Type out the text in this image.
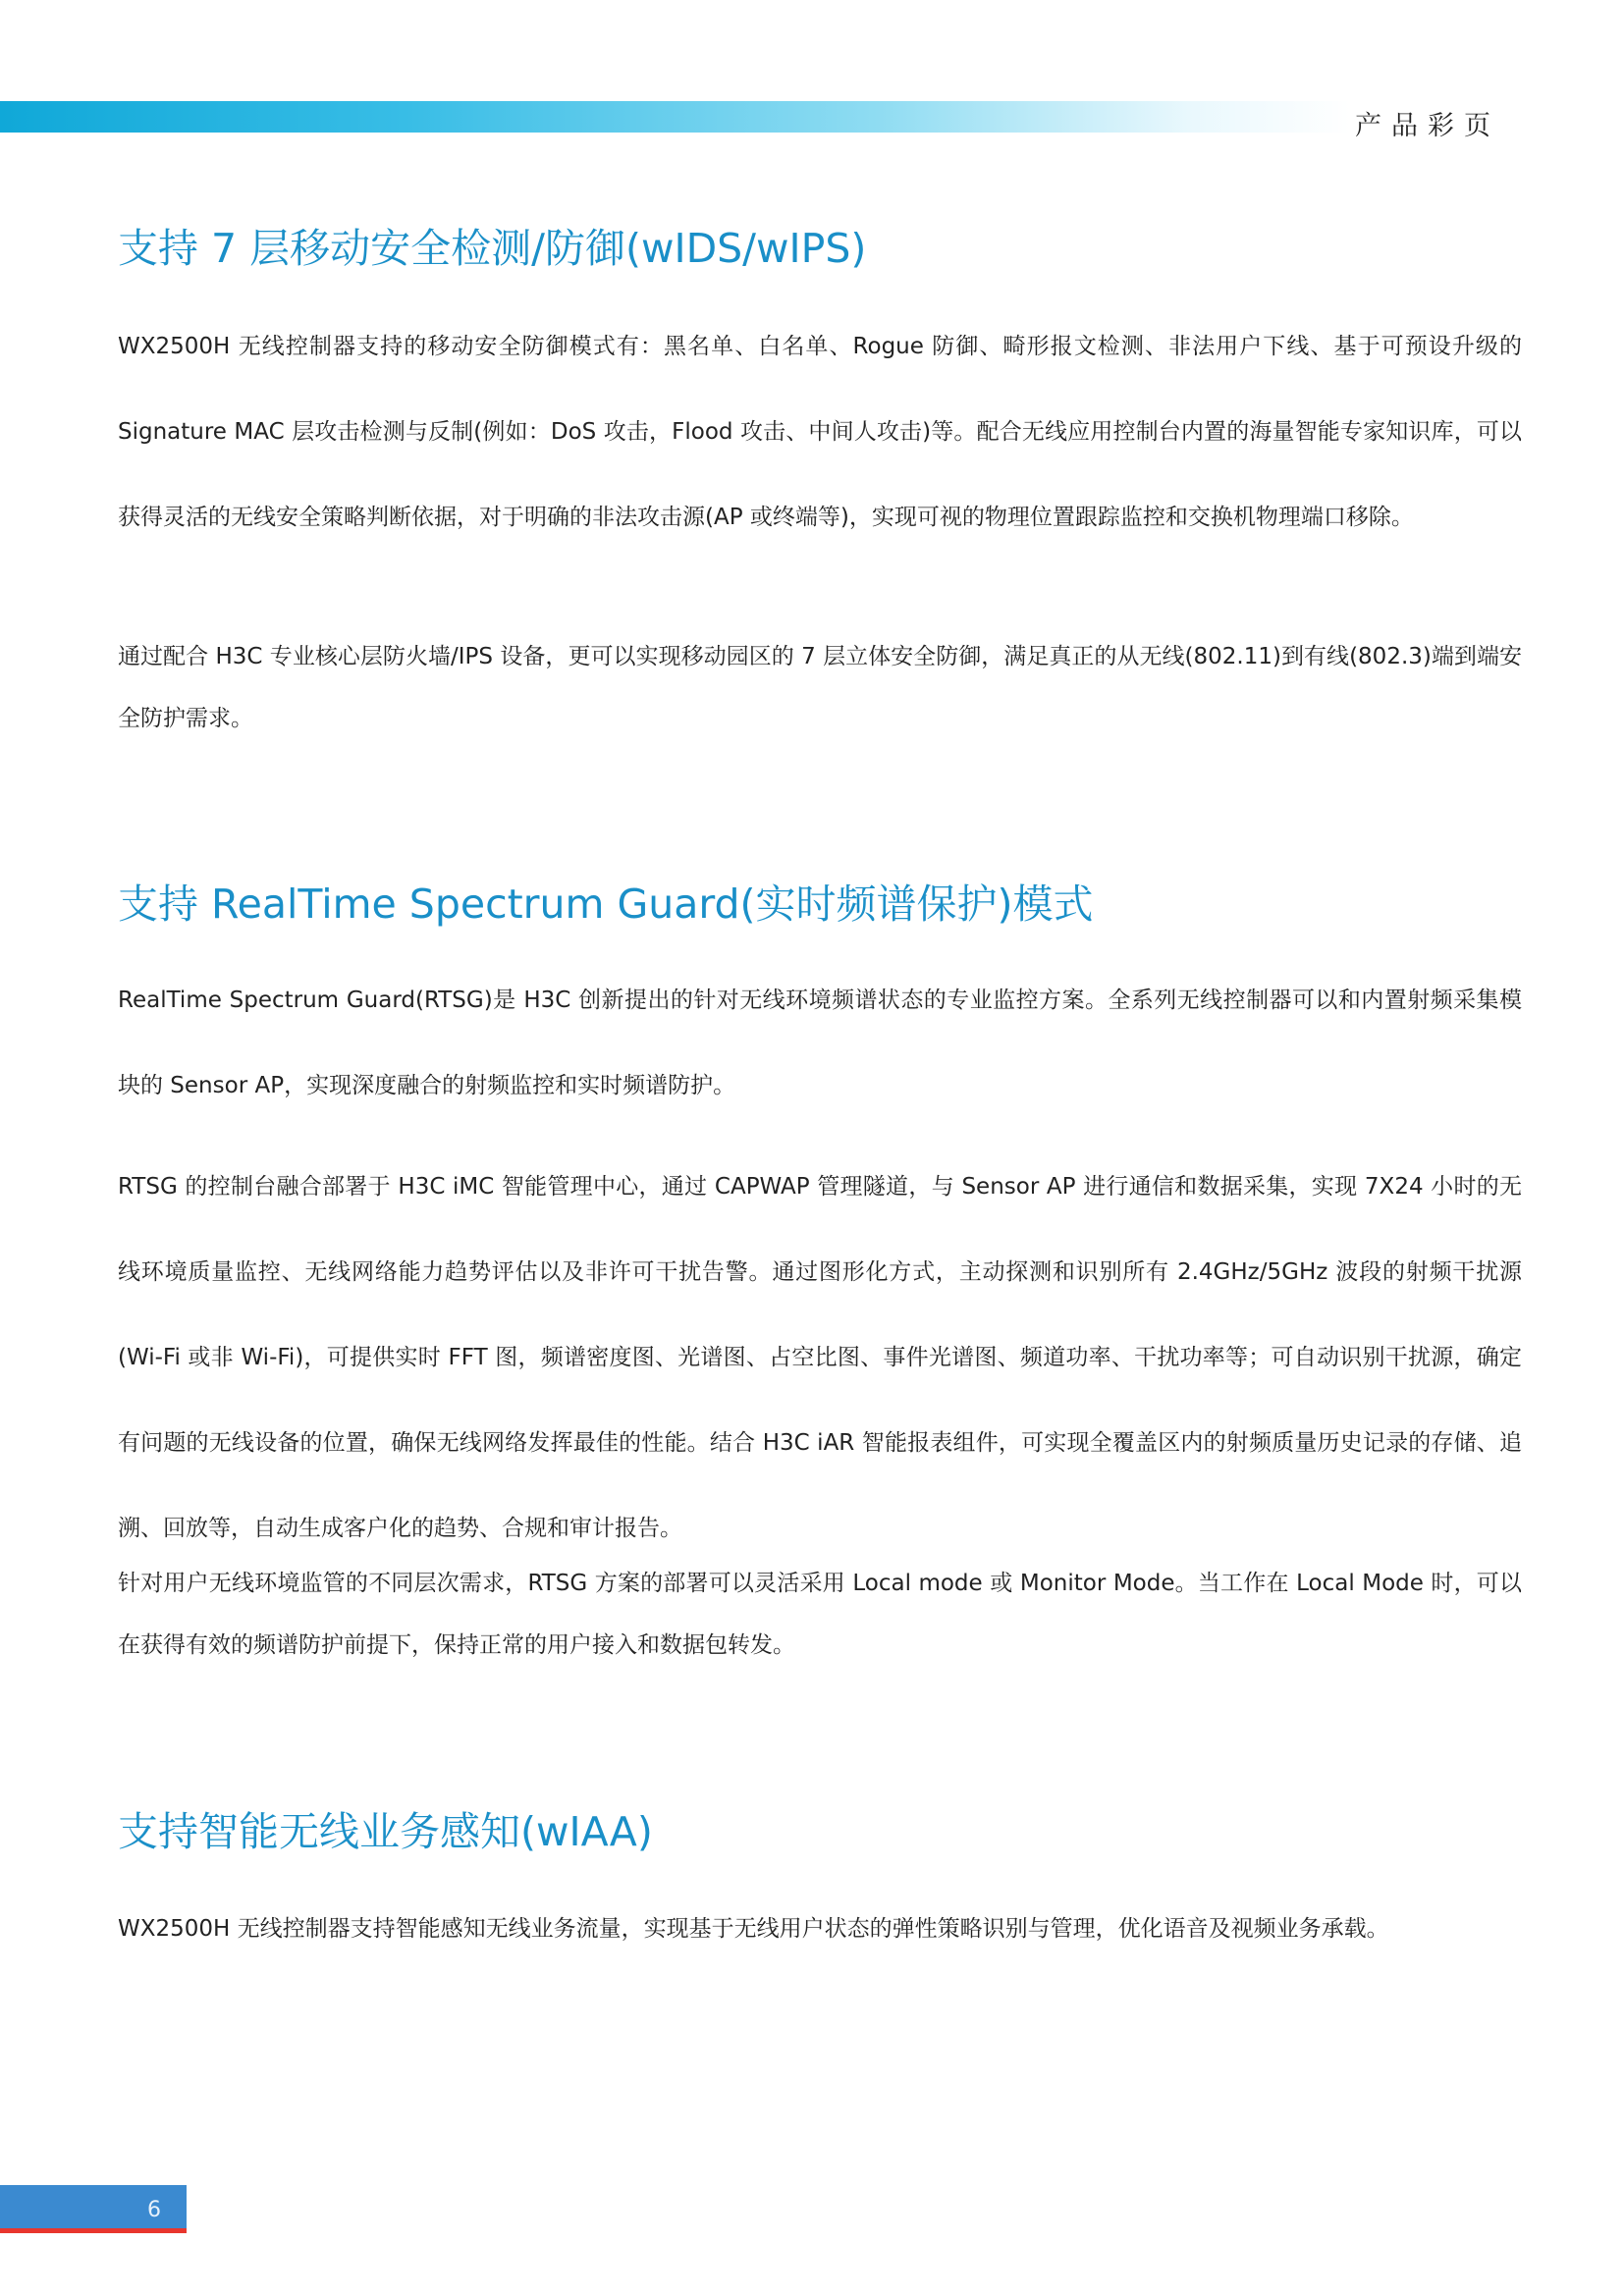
产品彩页
支持 7 层移动安全检测/防御(wIDS/wIPS)

WX2500H 无线控制器支持的移动安全防御模式有：黑名单、白名单、Rogue 防御、畸形报文检测、非法用户下线、基于可预设升级的 Signature MAC 层攻击检测与反制(例如：DoS 攻击，Flood 攻击、中间人攻击)等。配合无线应用控制台内置的海量智能专家知识库，可以获得灵活的无线安全策略判断依据，对于明确的非法攻击源(AP 或终端等)，实现可视的物理位置跟踪监控和交换机物理端口移除。

通过配合 H3C 专业核心层防火墙/IPS 设备，更可以实现移动园区的 7 层立体安全防御，满足真正的从无线(802.11)到有线(802.3)端到端安全防护需求。

支持 RealTime Spectrum Guard(实时频谱保护)模式

RealTime Spectrum Guard(RTSG)是 H3C 创新提出的针对无线环境频谱状态的专业监控方案。全系列无线控制器可以和内置射频采集模块的 Sensor AP，实现深度融合的射频监控和实时频谱防护。

RTSG 的控制台融合部署于 H3C iMC 智能管理中心，通过 CAPWAP 管理隧道，与 Sensor AP 进行通信和数据采集，实现 7X24 小时的无线环境质量监控、无线网络能力趋势评估以及非许可干扰告警。通过图形化方式，主动探测和识别所有 2.4GHz/5GHz 波段的射频干扰源(Wi-Fi 或非 Wi-Fi)，可提供实时 FFT 图，频谱密度图、光谱图、占空比图、事件光谱图、频道功率、干扰功率等；可自动识别干扰源，确定有问题的无线设备的位置，确保无线网络发挥最佳的性能。结合 H3C iAR 智能报表组件，可实现全覆盖区内的射频质量历史记录的存储、追溯、回放等，自动生成客户化的趋势、合规和审计报告。

针对用户无线环境监管的不同层次需求，RTSG 方案的部署可以灵活采用 Local mode 或 Monitor Mode。当工作在 Local Mode 时，可以在获得有效的频谱防护前提下，保持正常的用户接入和数据包转发。

支持智能无线业务感知(wIAA)

WX2500H 无线控制器支持智能感知无线业务流量，实现基于无线用户状态的弹性策略识别与管理，优化语音及视频业务承载。

6
